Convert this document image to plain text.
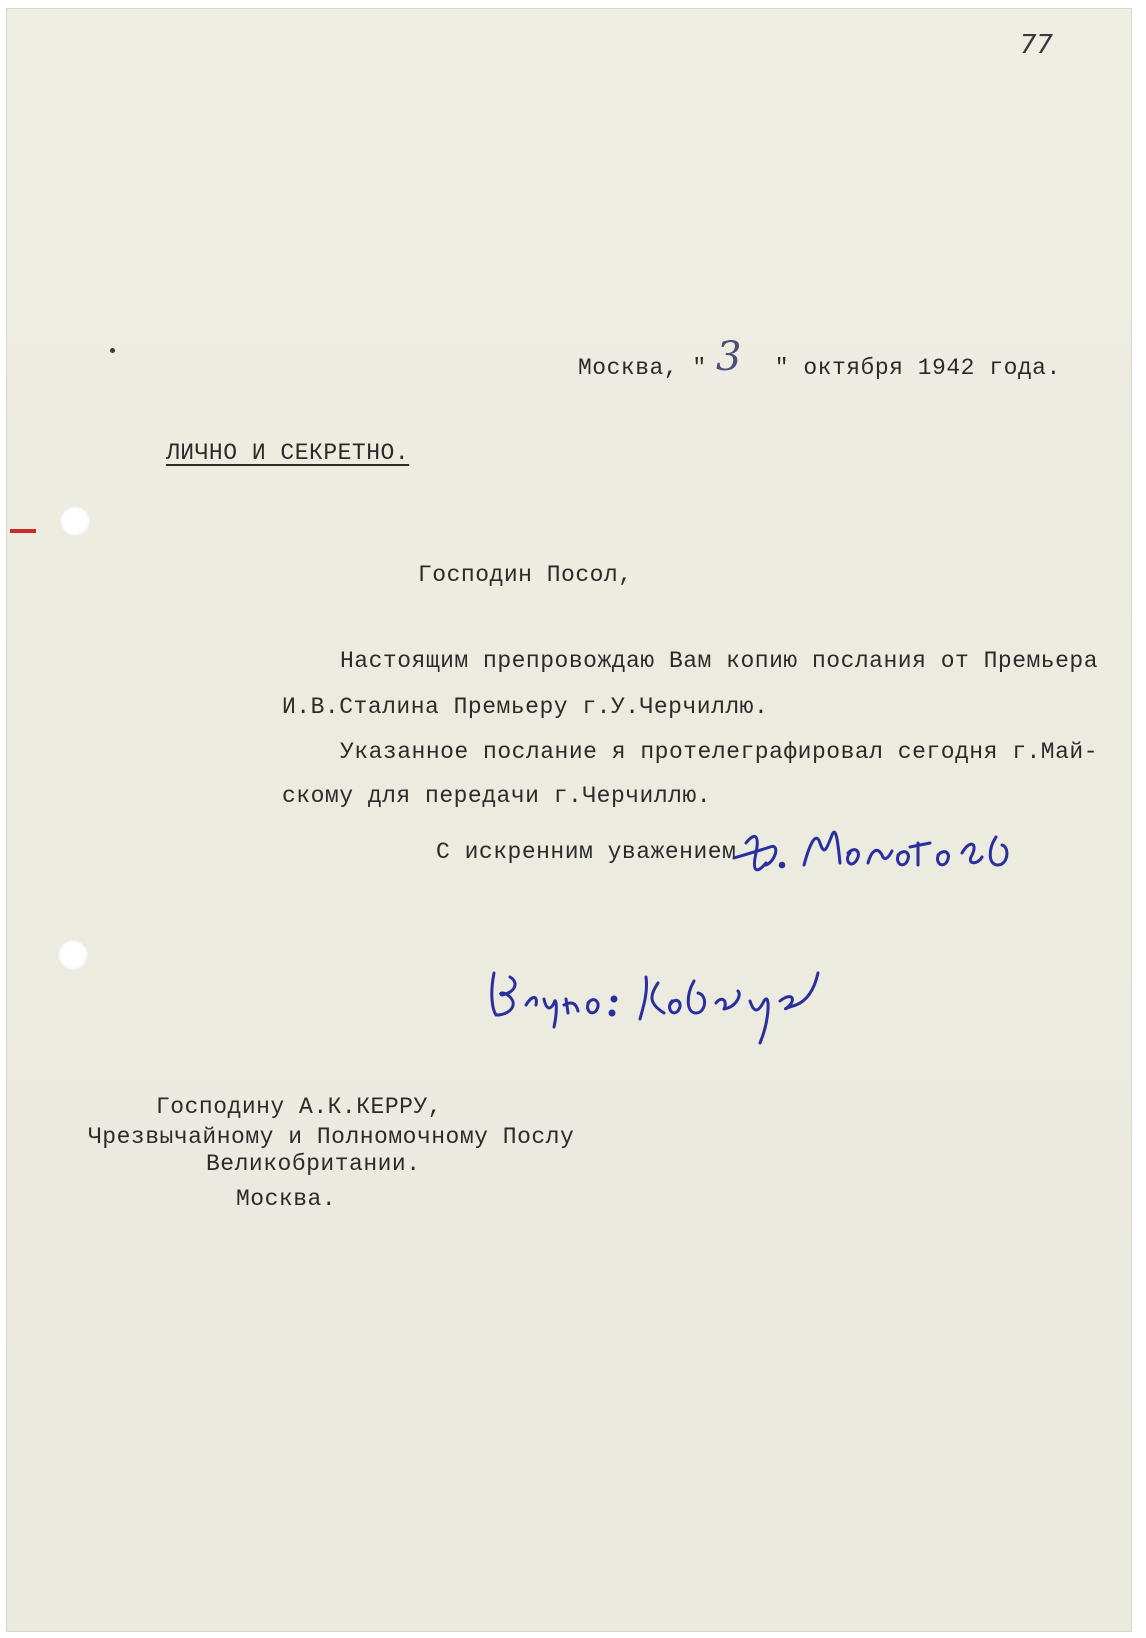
77
Москва, "	" октября 1942 года.
3
ЛИЧНО И СЕКРЕТНО.
Господин Посол,
Настоящим препровождаю Вам копию послания от Премьера
И.В.Сталина Премьеру г.У.Черчиллю.
Указанное послание я протелеграфировал сегодня г.Май-
скому для передачи г.Черчиллю.
С искренним уважением
Господину А.К.КЕРРУ,
Чрезвычайному и Полномочному Послу
Великобритании.
Москва.
